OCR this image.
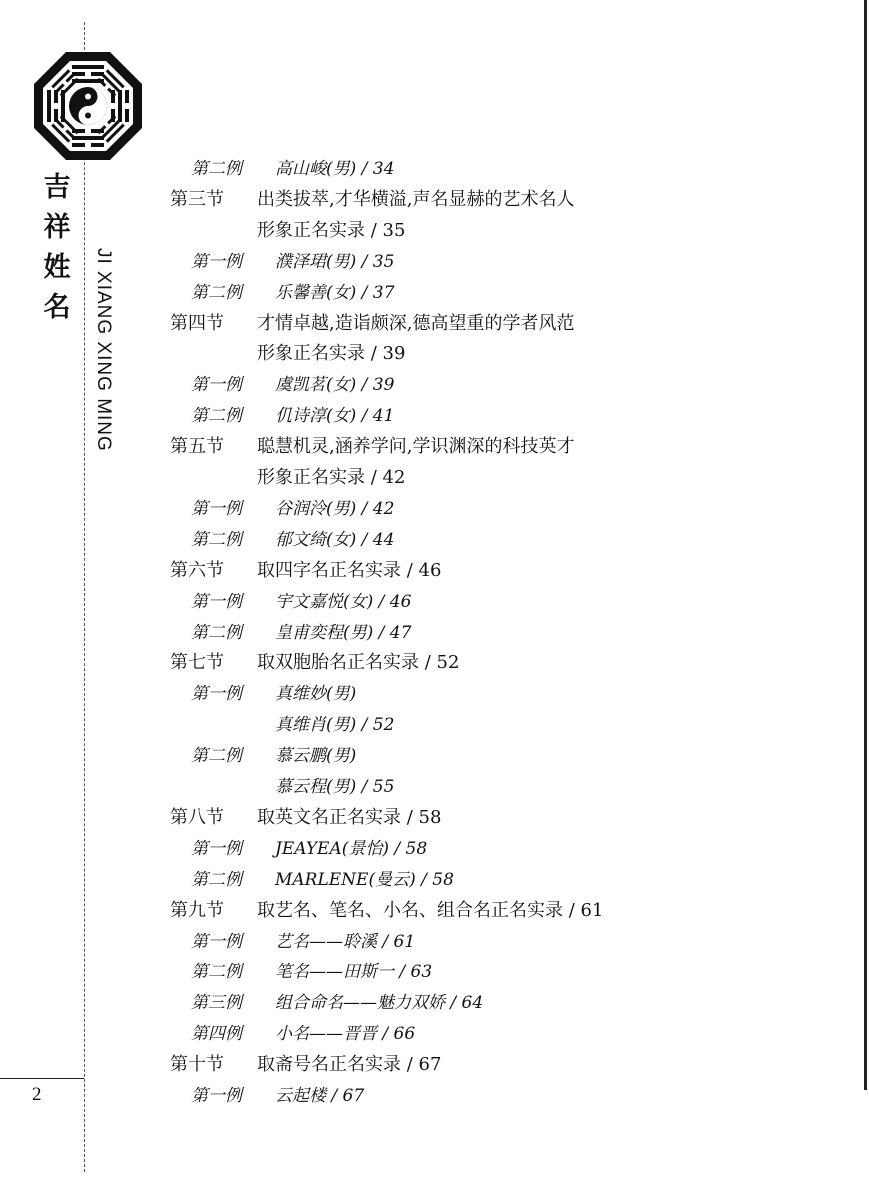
吉
祥
姓
名 JI XIANG XING MING
2
第二例 高山峻(男) / 34
第三节 出类拔萃,才华横溢,声名显赫的艺术名人
形象正名实录 / 35
第一例 濮泽珺(男) / 35
第二例 乐馨善(女) / 37
第四节 才情卓越,造诣颇深,德高望重的学者风范
形象正名实录 / 39
第一例 虞凯茗(女) / 39
第二例 仉诗淳(女) / 41
第五节 聪慧机灵,涵养学问,学识渊深的科技英才
形象正名实录 / 42
第一例 谷润泠(男) / 42
第二例 郁文绮(女) / 44
第六节 取四字名正名实录 / 46
第一例 宇文嘉悦(女) / 46
第二例 皇甫奕程(男) / 47
第七节 取双胞胎名正名实录 / 52
第一例 真维妙(男)
真维肖(男) / 52
第二例 慕云鹏(男)
慕云程(男) / 55
第八节 取英文名正名实录 / 58
第一例 JEAYEA(景怡) / 58
第二例 MARLENE(曼云) / 58
第九节 取艺名、笔名、小名、组合名正名实录 / 61
第一例 艺名——聆溪 / 61
第二例 笔名——田斯一 / 63
第三例 组合命名——魅力双娇 / 64
第四例 小名——晋晋 / 66
第十节 取斋号名正名实录 / 67
第一例 云起楼 / 67
